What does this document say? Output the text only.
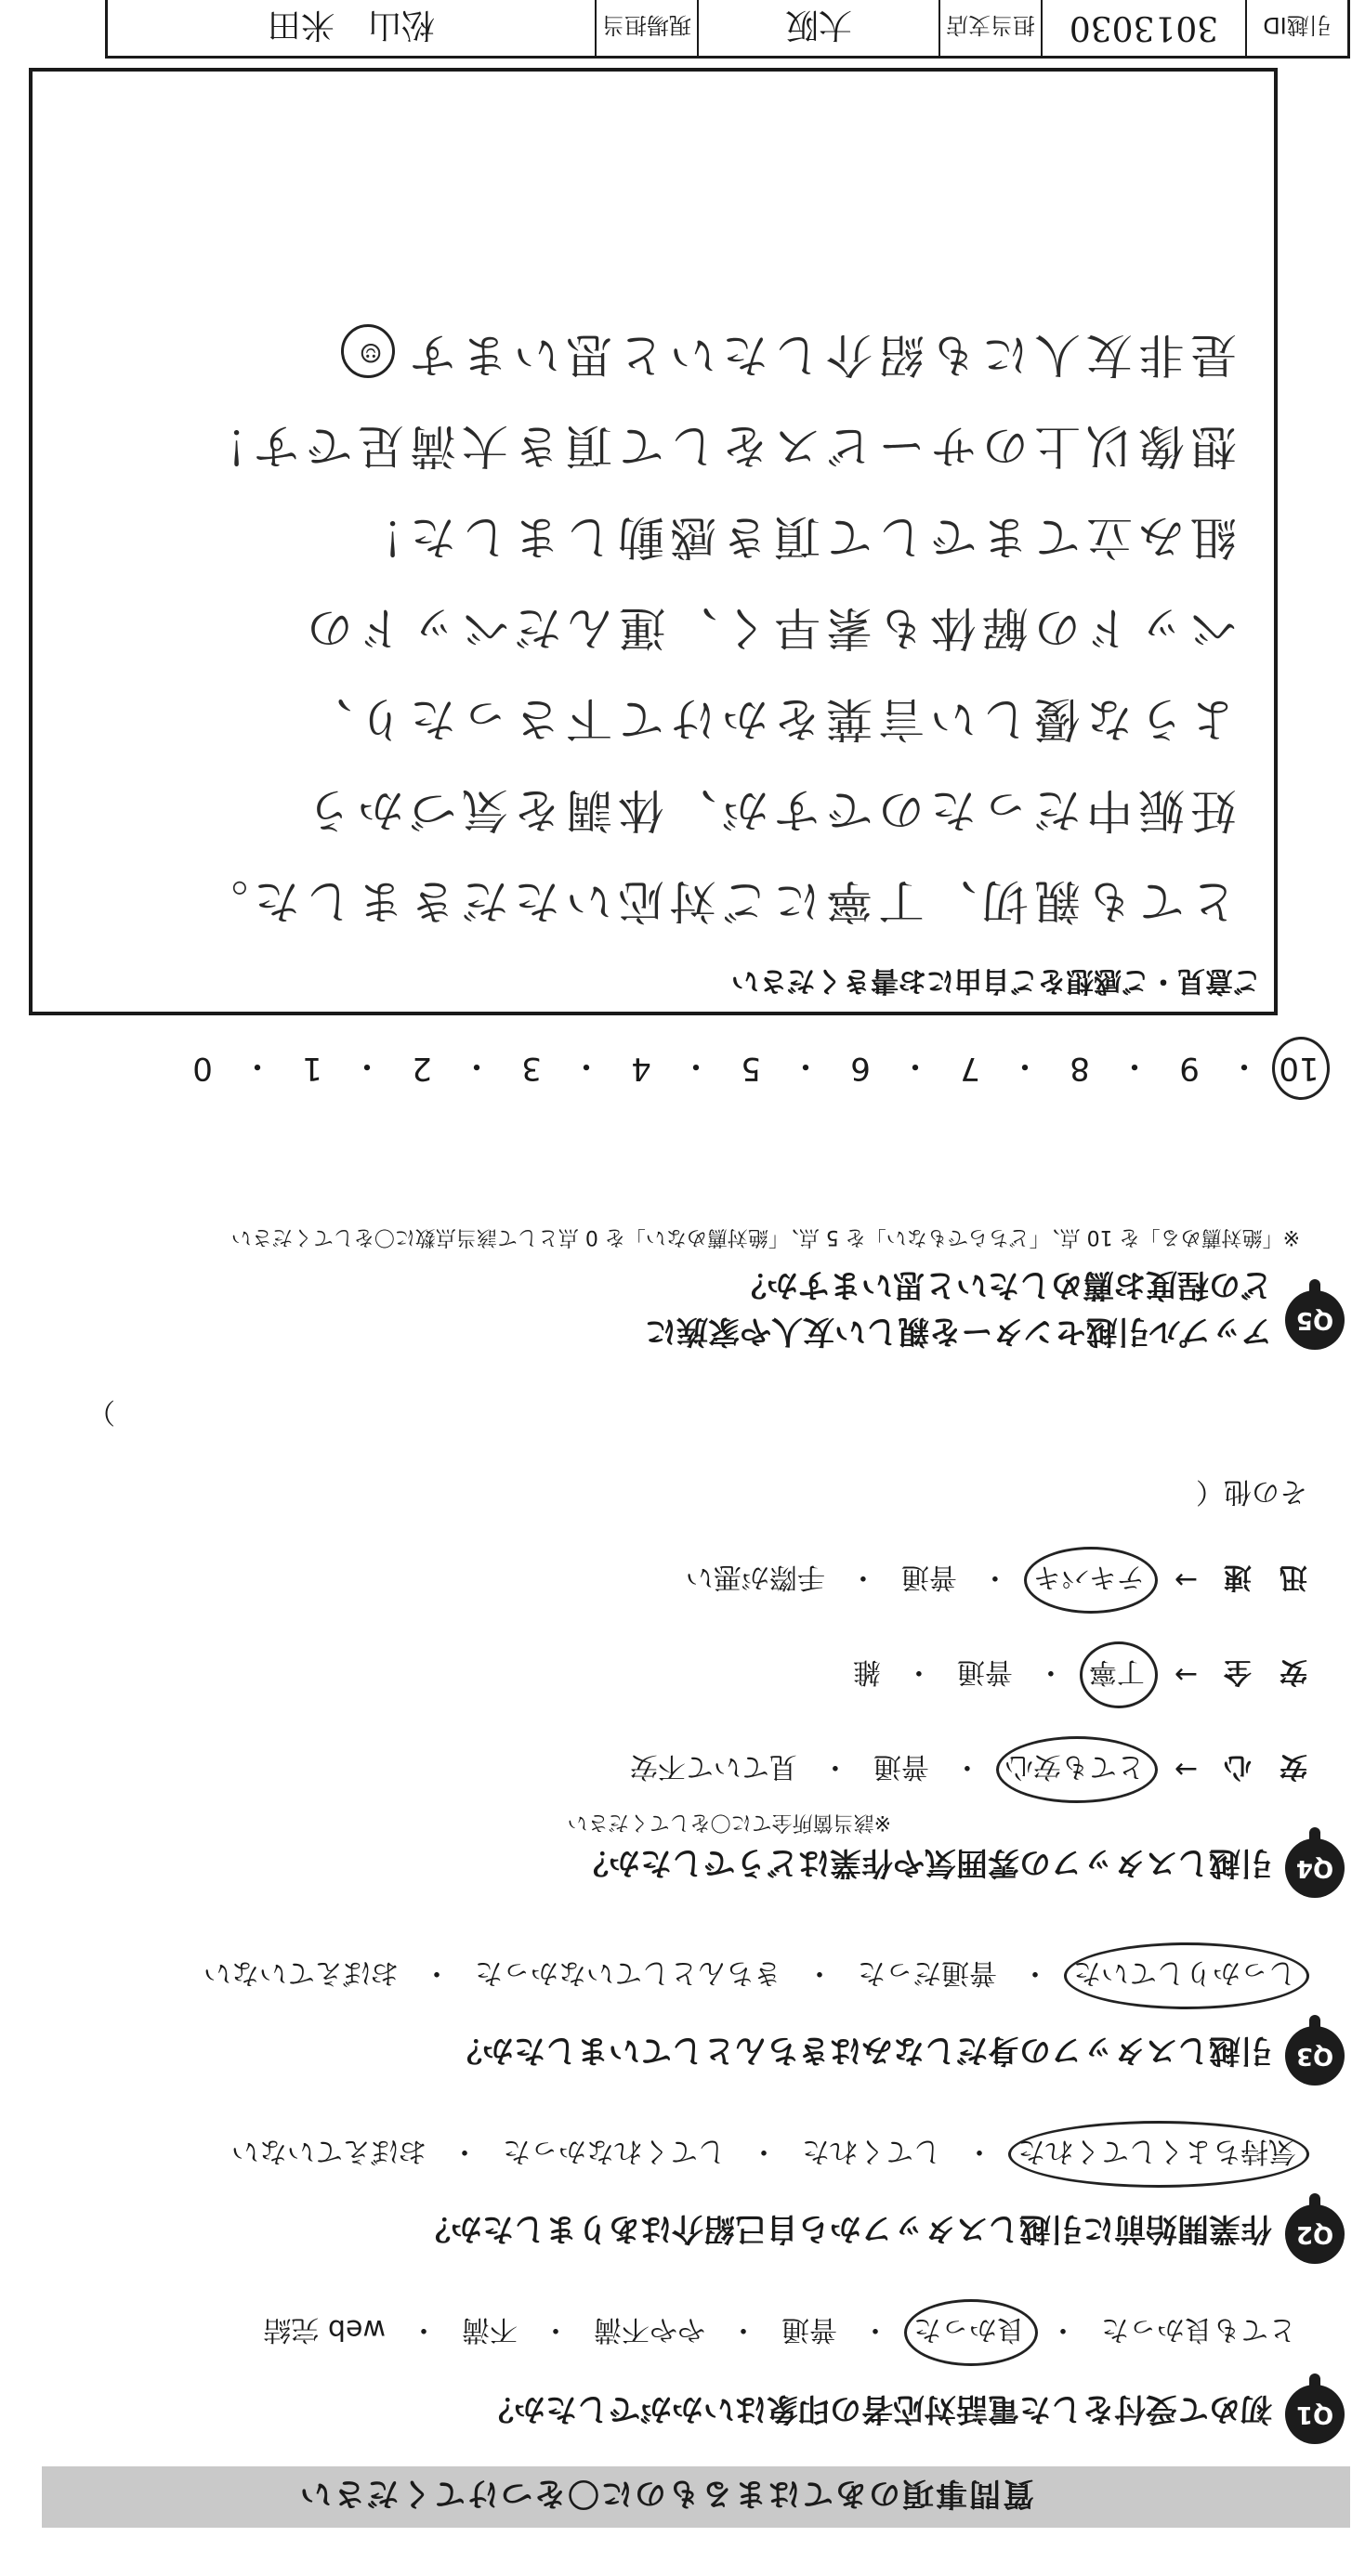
質問事項のあてはまるものに〇をつけてください
Q1
初めて受付をした電話対応者の印象はいかがでしたか？
とても良かった
・
良かった
・
普通
・
やや不満
・
不満
・
web 完結
Q2
作業開始前に引越しスタッフから自己紹介はありましたか？
気持ちよくしてくれた
・
してくれた
・
してくれなかった
・
おぼえていない
Q3
引越しスタッフの身だしなみはきちんとしていましたか？
しっかりしていた
・
普通だった
・
きちんとしていなかった
・
おぼえていない
Q4
引越しスタッフの雰囲気や作業はどうでしたか？
※該当箇所全てに〇をしてください
安　心
→
とても安心
・
普通
・
見ていて不安
安　全
→
丁寧
・
普通
・
雑
迅　速
→
テキパキ
・
普通
・
手際が悪い
その他（
）
Q5
アップル引越センターを親しい友人や家族に
どの程度お薦めしたいと思いますか？
※「絶対薦める」を 10 点、「どちらでもない」を 5 点、「絶対薦めない」を 0 点として該当点数に〇をしてください
10
・
9
・
8
・
7
・
6
・
5
・
4
・
3
・
2
・
1
・
0
ご意見・ご感想をご自由にお書きください
とても親切、丁寧にご対応いただきました。
妊娠中だったのですが、体調を気づかう
ような優しい言葉をかけて下さったり、
ベッドの解体も素早く、運んだベッドの
組み立てまでして頂き感動しました！
想像以上のサービスをして頂き大満足です！
是非友人にも紹介したいと思います☺
引越ID
3013030
担当支店
大阪
現場担当
松山　米田
